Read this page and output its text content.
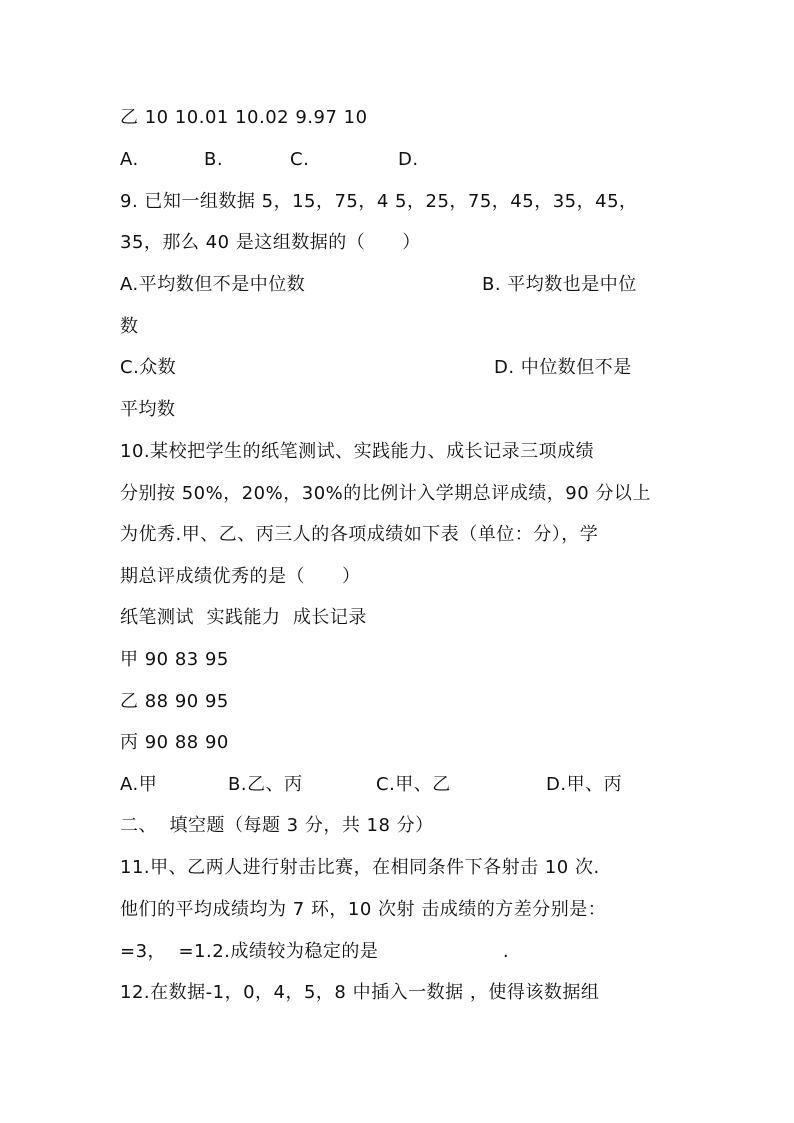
乙 10 10.01 10.02 9.97 10
A.	B.	C.	D.
9. 已知一组数据 5，15，75，4 5，25，75，45，35，45，
35，那么 40 是这组数据的（　　）
A.平均数但不是中位数	B. 平均数也是中位
数
C.众数	D. 中位数但不是
平均数
10.某校把学生的纸笔测试、实践能力、成长记录三项成绩
分别按 50%，20%，30%的比例计入学期总评成绩，90 分以上
为优秀.甲、乙、丙三人的各项成绩如下表（单位：分），学
期总评成绩优秀的是（　　）
纸笔测试  实践能力  成长记录
甲 90 83 95
乙 88 90 95
丙 90 88 90
A.甲	B.乙、丙	C.甲、乙	D.甲、丙
二、  填空题（每题 3 分，共 18 分）
11.甲、乙两人进行射击比赛，在相同条件下各射击 10 次.
他们的平均成绩均为 7 环，10 次射 击成绩的方差分别是：
=3，  =1.2.成绩较为稳定的是                    .
12.在数据-1，0，4，5，8 中插入一数据 ，使得该数据组
